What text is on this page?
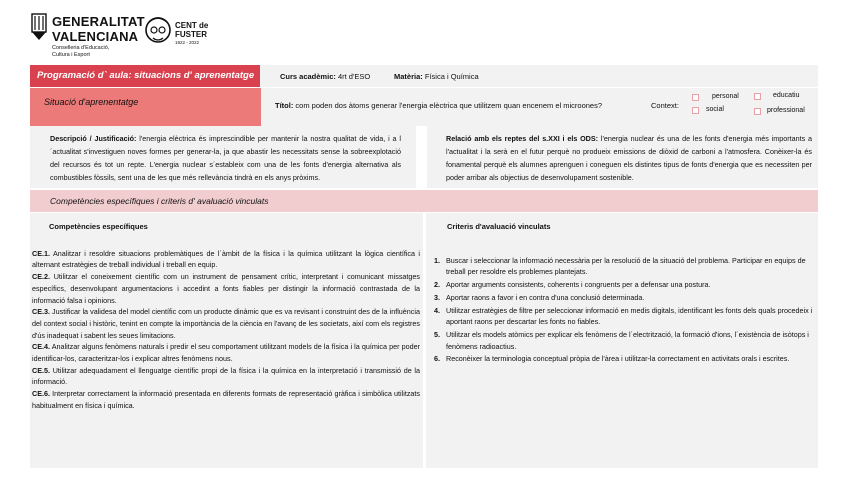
GENERALITAT
VALENCIANA
Conselleria d'Educació, Cultura i Esport
CENT de
FUSTER
1922 - 2022
Programació d` aula: situacions d' aprenentatge	Curs acadèmic: 4rt d'ESO	Matèria: Física i Química
Situació d'aprenentatge	Títol: com poden dos àtoms generar l'energia elèctrica que utilitzem quan encenem el microones?	Context:
personal	educatiu
social	professional
Descripció / Justificació: l'energia elèctrica és imprescindible per mantenir la nostra qualitat de vida, i a l´actualitat s'investiguen noves formes per generar-la, ja que abastir les necessitats sense la sobreexplotació del recursos és tot un repte. L'energia nuclear s´estableix com una de les fonts d'energia alternativa als combustibles fòssils, sent una de les que més rellevància tindrà en els anys pròxims.
Relació amb els reptes del s.XXI i els ODS: l'energia nuclear és una de les fonts d'energia més importants a l'actualitat i la serà en el futur perquè no produeix emissions de diòxid de carboni a l'atmosfera. Conèixer-la és fonamental perquè els alumnes aprenguen i coneguen els distintes tipus de fonts d'energia que es necessiten per poder arribar als objectius de desenvolupament sostenible.
Competències específiques i criteris d' avaluació vinculats
Competències específiques

CE.1. Analitzar i resoldre situacions problemàtiques de l´àmbit de la física i la química utilitzant la lògica científica i alternant estratègies de treball individual i treball en equip.

CE.2. Utilitzar el coneixement científic com un instrument de pensament crític, interpretant i comunicant missatges específics, desenvolupant argumentacions i accedint a fonts fiables per distingir la informació contrastada de la informació falsa i opinions.

CE.3. Justificar la validesa del model científic com un producte dinàmic que es va revisant i construint des de la influència del context social i històric, tenint en compte la importància de la ciència en l'avanç de les societats, així com els registres d'ús inadequat i sabent les seues limitacions.

CE.4. Analitzar alguns fenòmens naturals i predir el seu comportament utilitzant models de la física i la química per poder identificar-los, caracteritzar-los i explicar altres fenòmens nous.

CE.5. Utilitzar adequadament el llenguatge científic propi de la física i la química en la interpretació i transmissió de la informació.

CE.6. Interpretar correctament la informació presentada en diferents formats de representació gràfica i simbòlica utilitzats habitualment en física i química.

Criteris d'avaluació vinculats
1. Buscar i seleccionar la informació necessària per la resolució de la situació del problema. Participar en equips de treball per resoldre els problemes plantejats.
2. Aportar arguments consistents, coherents i congruents per a defensar una postura.
3. Aportar raons a favor i en contra d'una conclusió determinada.
4. Utilitzar estratègies de filtre per seleccionar informació en medis digitals, identificant les fonts dels quals procedeix i aportant raons per descartar les fonts no fiables.
5. Utilitzar els models atòmics per explicar els fenòmens de l´electrització, la formació d'ions, l´existència de isòtops i fenòmens radioactius.
6. Reconèixer la terminologia conceptual pròpia de l'àrea i utilitzar-la correctament en activitats orals i escrites.
